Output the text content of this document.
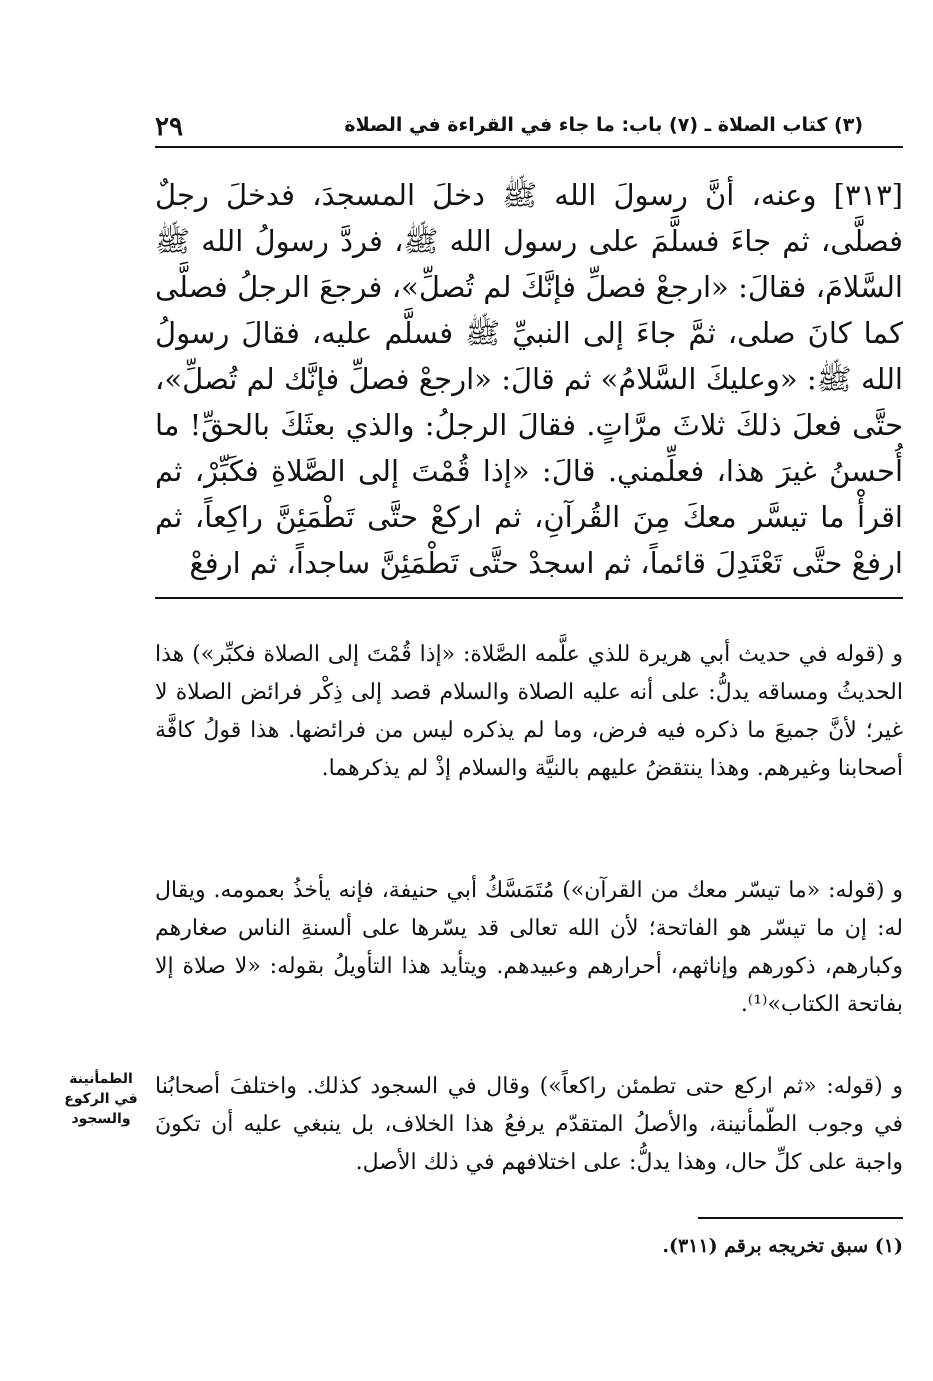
٢٩	(٣) كتاب الصلاة ـ (٧) باب: ما جاء في القراءة في الصلاة

[٣١٣] وعنه، أنَّ رسولَ الله ﷺ دخلَ المسجدَ، فدخلَ رجلٌ فصلَّى، ثم جاءَ فسلَّمَ على رسول الله ﷺ، فردَّ رسولُ الله ﷺ السَّلامَ، فقالَ: «ارجعْ فصلِّ فإنَّكَ لم تُصلِّ»، فرجعَ الرجلُ فصلَّى كما كانَ صلى، ثمَّ جاءَ إلى النبيِّ ﷺ فسلَّم عليه، فقالَ رسولُ الله ﷺ: «وعليكَ السَّلامُ» ثم قالَ: «ارجعْ فصلِّ فإنَّك لم تُصلِّ»، حتَّى فعلَ ذلكَ ثلاثَ مرَّاتٍ. فقالَ الرجلُ: والذي بعثَكَ بالحقِّ! ما أُحسنُ غيرَ هذا، فعلِّمني. قالَ: «إذا قُمْتَ إلى الصَّلاةِ فكَبِّرْ، ثم اقرأْ ما تيسَّر معكَ مِنَ القُرآنِ، ثم اركعْ حتَّى تَطْمَئِنَّ راكِعاً، ثم ارفعْ حتَّى تَعْتَدِلَ قائماً، ثم اسجدْ حتَّى تَطْمَئِنَّ ساجداً، ثم ارفعْ

و (قوله في حديث أبي هريرة للذي علَّمه الصَّلاة: «إذا قُمْتَ إلى الصلاة فكبِّر») هذا الحديثُ ومساقه يدلُّ: على أنه عليه الصلاة والسلام قصد إلى ذِكْر فرائض الصلاة لا غير؛ لأنَّ جميعَ ما ذكره فيه فرض، وما لم يذكره ليس من فرائضها. هذا قولُ كافَّة أصحابنا وغيرهم. وهذا ينتقضُ عليهم بالنيَّة والسلام إذْ لم يذكرهما.

و (قوله: «ما تيسّر معك من القرآن») مُتَمَسَّكُ أبي حنيفة، فإنه يأخذُ بعمومه. ويقال له: إن ما تيسّر هو الفاتحة؛ لأن الله تعالى قد يسّرها على ألسنةِ الناس صغارهم وكبارهم، ذكورهم وإناثهم، أحرارهم وعبيدهم. ويتأيد هذا التأويلُ بقوله: «لا صلاة إلا بفاتحة الكتاب»⁽¹⁾.

و (قوله: «ثم اركع حتى تطمئن راكعاً») وقال في السجود كذلك. واختلفَ أصحابُنا في وجوب الطّمأنينة، والأصلُ المتقدّم يرفعُ هذا الخلاف، بل ينبغي عليه أن تكونَ واجبة على كلِّ حال، وهذا يدلُّ: على اختلافهم في ذلك الأصل.

الطمأنينة في الركوع والسجود
(١) سبق تخريجه برقم (٣١١).
